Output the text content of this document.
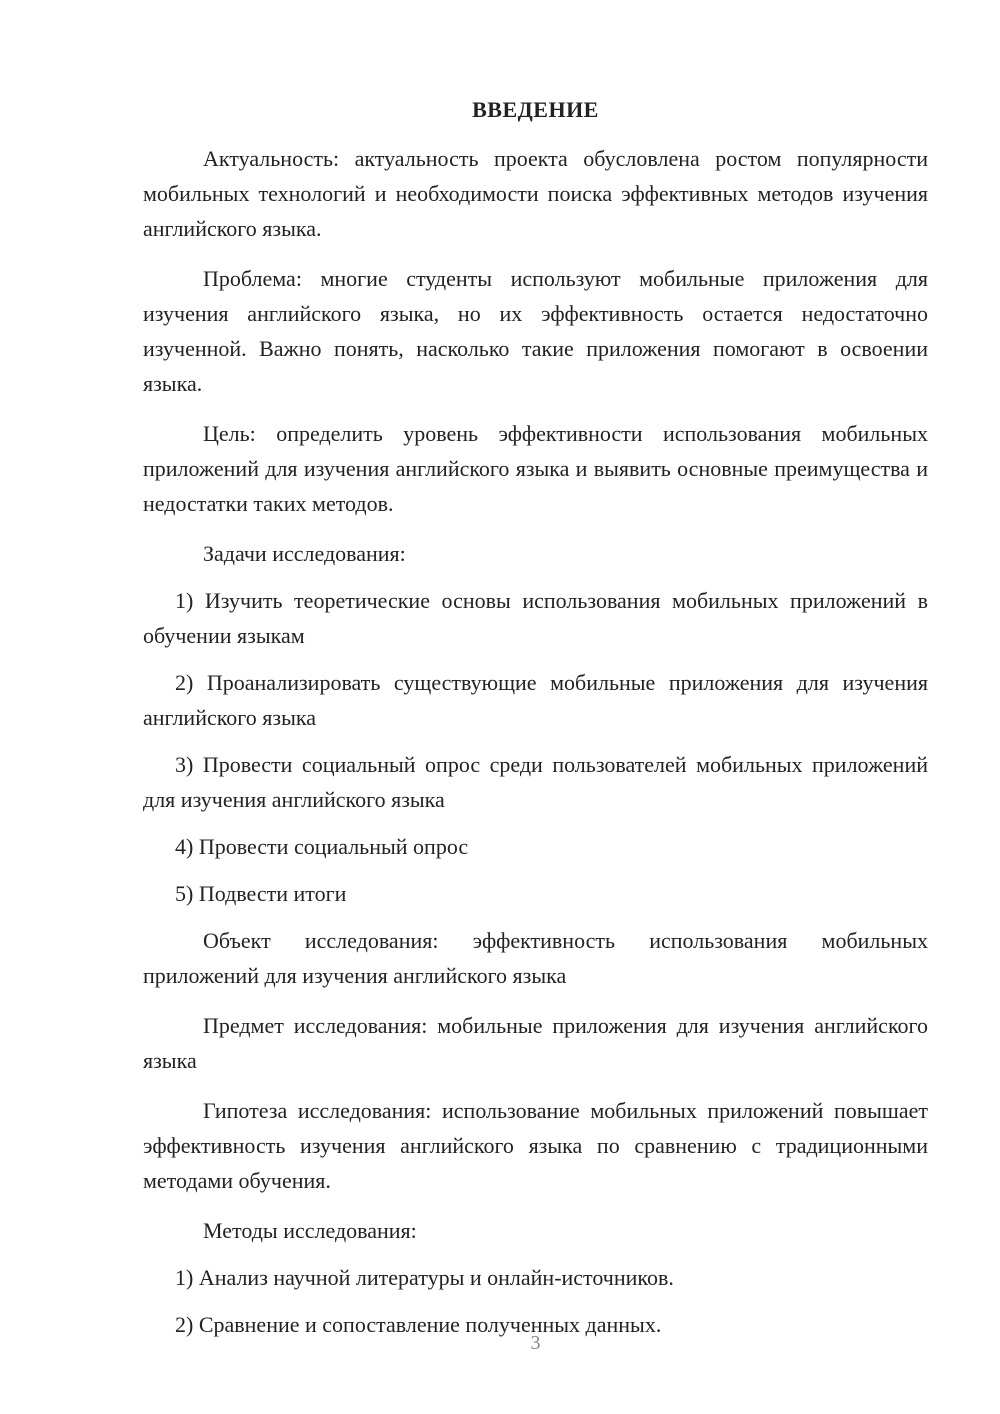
ВВЕДЕНИЕ
Актуальность: актуальность проекта обусловлена ростом популярности мобильных технологий и необходимости поиска эффективных методов изучения английского языка.
Проблема: многие студенты используют мобильные приложения для изучения английского языка, но их эффективность остается недостаточно изученной. Важно понять, насколько такие приложения помогают в освоении языка.
Цель: определить уровень эффективности использования мобильных приложений для изучения английского языка и выявить основные преимущества и недостатки таких методов.
Задачи исследования:
1) Изучить теоретические основы использования мобильных приложений в обучении языкам
2) Проанализировать существующие мобильные приложения для изучения английского языка
3) Провести социальный опрос среди пользователей мобильных приложений для изучения английского языка
4) Провести социальный опрос
5) Подвести итоги
Объект исследования: эффективность использования мобильных приложений для изучения английского языка
Предмет исследования: мобильные приложения для изучения английского языка
Гипотеза исследования: использование мобильных приложений повышает эффективность изучения английского языка по сравнению с традиционными методами обучения.
Методы исследования:
1) Анализ научной литературы и онлайн-источников.
2) Сравнение и сопоставление полученных данных.
3
